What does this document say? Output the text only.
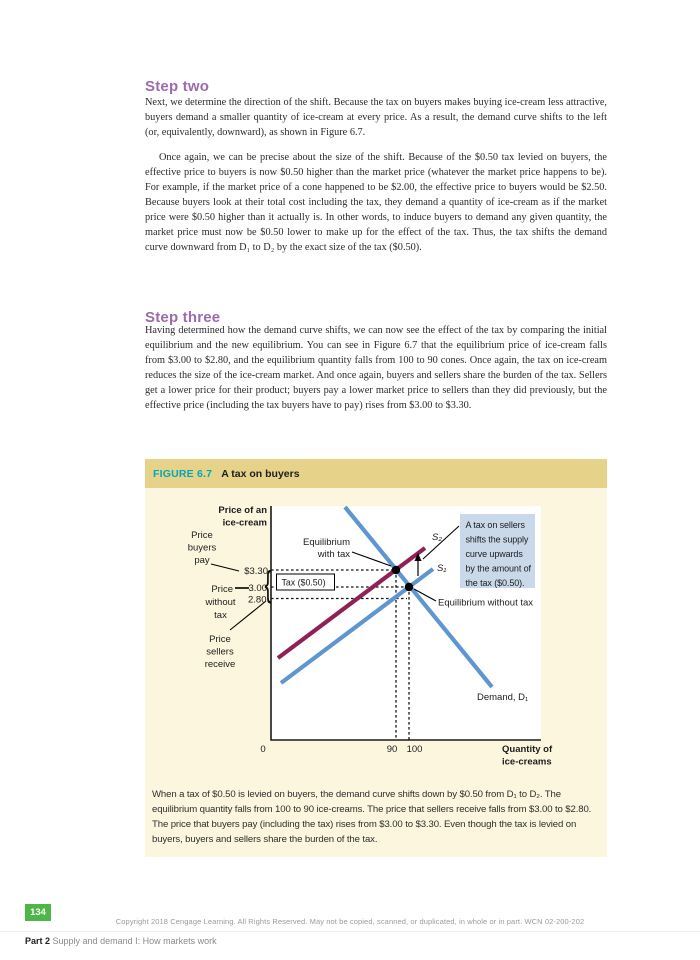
Step two

Next, we determine the direction of the shift. Because the tax on buyers makes buying ice-cream less attractive, buyers demand a smaller quantity of ice-cream at every price. As a result, the demand curve shifts to the left (or, equivalently, downward), as shown in Figure 6.7.

Once again, we can be precise about the size of the shift. Because of the $0.50 tax levied on buyers, the effective price to buyers is now $0.50 higher than the market price (whatever the market price happens to be). For example, if the market price of a cone happened to be $2.00, the effective price to buyers would be $2.50. Because buyers look at their total cost including the tax, they demand a quantity of ice-cream as if the market price were $0.50 higher than it actually is. In other words, to induce buyers to demand any given quantity, the market price must now be $0.50 lower to make up for the effect of the tax. Thus, the tax shifts the demand curve downward from D₁ to D₂ by the exact size of the tax ($0.50).

Step three

Having determined how the demand curve shifts, we can now see the effect of the tax by comparing the initial equilibrium and the new equilibrium. You can see in Figure 6.7 that the equilibrium price of ice-cream falls from $3.00 to $2.80, and the equilibrium quantity falls from 100 to 90 cones. Once again, the tax on ice-cream reduces the size of the ice-cream market. And once again, buyers and sellers share the burden of the tax. Sellers get a lower price for their product; buyers pay a lower market price to sellers than they did previously, but the effective price (including the tax buyers have to pay) rises from $3.00 to $3.30.

FIGURE 6.7 A tax on buyers
{ Tax ($0.50)
Price of an
ice-cream
Price
buyers
pay
$3.30
Price
without
tax
3.00
2.80
Price
sellers
receive
Equilibrium
with tax
Equilibrium without tax
S₂
S₁
Demand, D₁
A tax on sellers
shifts the supply
curve upwards
by the amount of
the tax ($0.50).
0	90 100	Quantity of
ice-creams
When a tax of $0.50 is levied on buyers, the demand curve shifts down by $0.50 from D₁ to D₂. The equilibrium quantity falls from 100 to 90 ice-creams. The price that sellers receive falls from $3.00 to $2.80. The price that buyers pay (including the tax) rises from $3.00 to $3.30. Even though the tax is levied on buyers, buyers and sellers share the burden of the tax.
134
Copyright 2018 Cengage Learning. All Rights Reserved. May not be copied, scanned, or duplicated, in whole or in part. WCN 02-200-202
Part 2 Supply and demand I: How markets work
